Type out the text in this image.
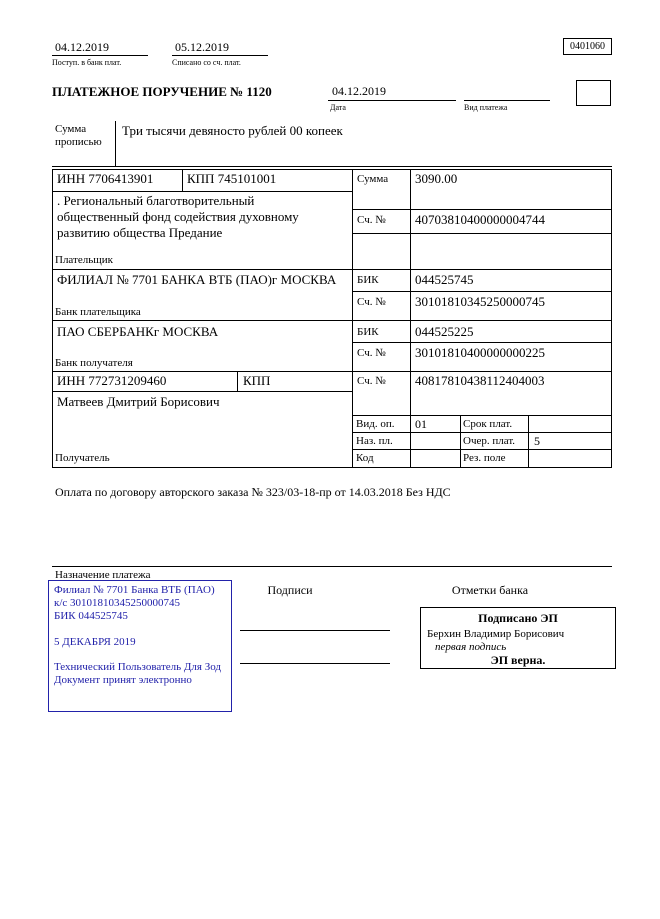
04.12.2019
Поступ. в банк плат.
05.12.2019
Списано со сч. плат.
0401060
ПЛАТЕЖНОЕ ПОРУЧЕНИЕ № 1120	04.12.2019
Дата	Вид платежа
Сумма прописью
Три тысячи девяносто рублей 00 копеек
ИНН 7706413901	КПП 745101001	Сумма 3090.00
. Региональный благотворительный общественный фонд содействия духовному развитию общества Предание
Сч. № 40703810400000004744
Плательщик
ФИЛИАЛ № 7701 БАНКА ВТБ (ПАО)г МОСКВА	БИК	044525745
Сч. № 30101810345250000745
Банк плательщика
ПАО СБЕРБАНКг МОСКВА	БИК	044525225
Сч. № 30101810400000000225
Банк получателя
ИНН 772731209460	КПП	Сч. № 40817810438112404003
Матвеев Дмитрий Борисович
Вид. оп. 01	Срок плат.
Наз. пл.	Очер. плат. 5
Получатель	Код	Рез. поле
Оплата по договору авторского заказа № 323/03-18-пр от 14.03.2018 Без НДС
Назначение платежа
Подписи	Отметки банка
Филиал № 7701 Банка ВТБ (ПАО)
к/с 30101810345250000745
БИК 044525745
5 ДЕКАБРЯ 2019
Технический Пользователь Для Зод
Документ принят электронно
Подписано ЭП
Берхин Владимир Борисович
первая подпись
ЭП верна.
